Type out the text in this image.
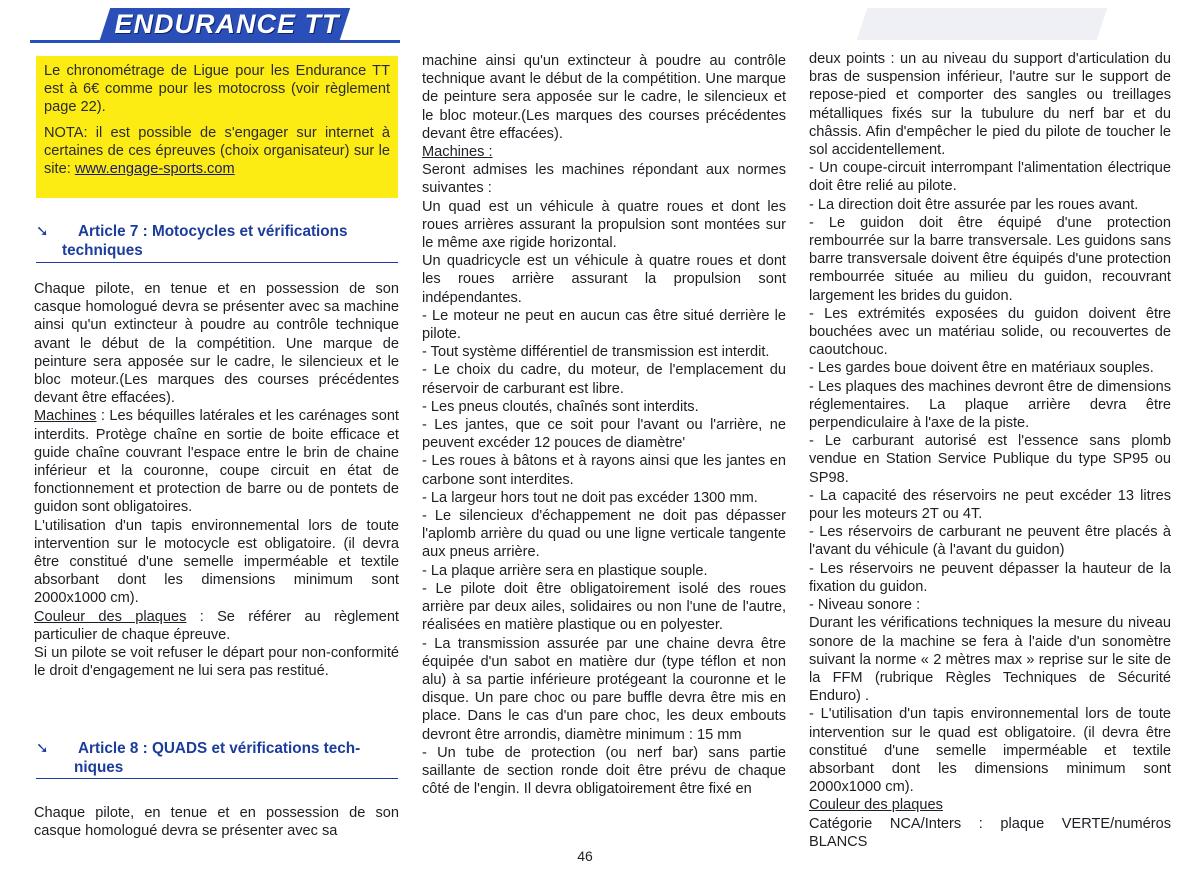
ENDURANCE TT

Le chronométrage de Ligue pour les Endurance TT est à 6€ comme pour les motocross (voir règlement page 22).

NOTA: il est possible de s'engager sur internet à certaines de ces épreuves (choix organisateur) sur le site: www.engage-sports.com

➘ Article 7 : Motocycles et vérifications
techniques

Chaque pilote, en tenue et en possession de son casque homologué devra se présenter avec sa machine ainsi qu'un extincteur à poudre au contrôle technique avant le début de la compétition. Une marque de peinture sera apposée sur le cadre, le silencieux et le bloc moteur.(Les marques des courses précédentes devant être effacées).

Machines : Les béquilles latérales et les carénages sont interdits. Protège chaîne en sortie de boite efficace et guide chaîne couvrant l'espace entre le brin de chaine inférieur et la couronne, coupe circuit en état de fonctionnement et protection de barre ou de pontets de guidon sont obligatoires.

L'utilisation d'un tapis environnemental lors de toute intervention sur le motocycle est obligatoire. (il devra être constitué d'une semelle imperméable et textile absorbant dont les dimensions minimum sont 2000x1000 cm).

Couleur des plaques : Se référer au règlement particulier de chaque épreuve.

Si un pilote se voit refuser le départ pour non-conformité le droit d'engagement ne lui sera pas restitué.

➘ Article 8 : QUADS et vérifications tech-
niques

Chaque pilote, en tenue et en possession de son casque homologué devra se présenter avec sa

machine ainsi qu'un extincteur à poudre au contrôle technique avant le début de la compétition. Une marque de peinture sera apposée sur le cadre, le silencieux et le bloc moteur.(Les marques des courses précédentes devant être effacées).

Machines :

Seront admises les machines répondant aux normes suivantes :

Un quad est un véhicule à quatre roues et dont les roues arrières assurant la propulsion sont montées sur le même axe rigide horizontal.

Un quadricycle est un véhicule à quatre roues et dont les roues arrière assurant la propulsion sont indépendantes.

- Le moteur ne peut en aucun cas être situé derrière le pilote.

- Tout système différentiel de transmission est interdit.

- Le choix du cadre, du moteur, de l'emplacement du réservoir de carburant est libre.

- Les pneus cloutés, chaînés sont interdits.

- Les jantes, que ce soit pour l'avant ou l'arrière, ne peuvent excéder 12 pouces de diamètre'

- Les roues à bâtons et à rayons ainsi que les jantes en carbone sont interdites.

- La largeur hors tout ne doit pas excéder 1300 mm.

- Le silencieux d'échappement ne doit pas dépasser l'aplomb arrière du quad ou une ligne verticale tangente aux pneus arrière.

- La plaque arrière sera en plastique souple.

- Le pilote doit être obligatoirement isolé des roues arrière par deux ailes, solidaires ou non l'une de l'autre, réalisées en matière plastique ou en polyester.

- La transmission assurée par une chaine devra être équipée d'un sabot en matière dur (type téflon et non alu) à sa partie inférieure protégeant la couronne et le disque. Un pare choc ou pare buffle devra être mis en place. Dans le cas d'un pare choc, les deux embouts devront être arrondis, diamètre minimum : 15 mm

- Un tube de protection (ou nerf bar) sans partie saillante de section ronde doit être prévu de chaque côté de l'engin. Il devra obligatoirement être fixé en

deux points : un au niveau du support d'articulation du bras de suspension inférieur, l'autre sur le support de repose-pied et comporter des sangles ou treillages métalliques fixés sur la tubulure du nerf bar et du châssis. Afin d'empêcher le pied du pilote de toucher le sol accidentellement.

- Un coupe-circuit interrompant l'alimentation électrique doit être relié au pilote.

- La direction doit être assurée par les roues avant.

- Le guidon doit être équipé d'une protection rembourrée sur la barre transversale. Les guidons sans barre transversale doivent être équipés d'une protection rembourrée située au milieu du guidon, recouvrant largement les brides du guidon.

- Les extrémités exposées du guidon doivent être bouchées avec un matériau solide, ou recouvertes de caoutchouc.

- Les gardes boue doivent être en matériaux souples.

- Les plaques des machines devront être de dimensions réglementaires. La plaque arrière devra être perpendiculaire à l'axe de la piste.

- Le carburant autorisé est l'essence sans plomb vendue en Station Service Publique du type SP95 ou SP98.

- La capacité des réservoirs ne peut excéder 13 litres pour les moteurs 2T ou 4T.

- Les réservoirs de carburant ne peuvent être placés à l'avant du véhicule (à l'avant du guidon)

- Les réservoirs ne peuvent dépasser la hauteur de la fixation du guidon.

- Niveau sonore :

Durant les vérifications techniques la mesure du niveau sonore de la machine se fera à l'aide d'un sonomètre suivant la norme « 2 mètres max » reprise sur le site de la FFM (rubrique Règles Techniques de Sécurité Enduro) .

- L'utilisation d'un tapis environnemental lors de toute intervention sur le quad est obligatoire. (il devra être constitué d'une semelle imperméable et textile absorbant dont les dimensions minimum sont 2000x1000 cm).

Couleur des plaques

Catégorie NCA/Inters : plaque VERTE/numéros BLANCS

46
